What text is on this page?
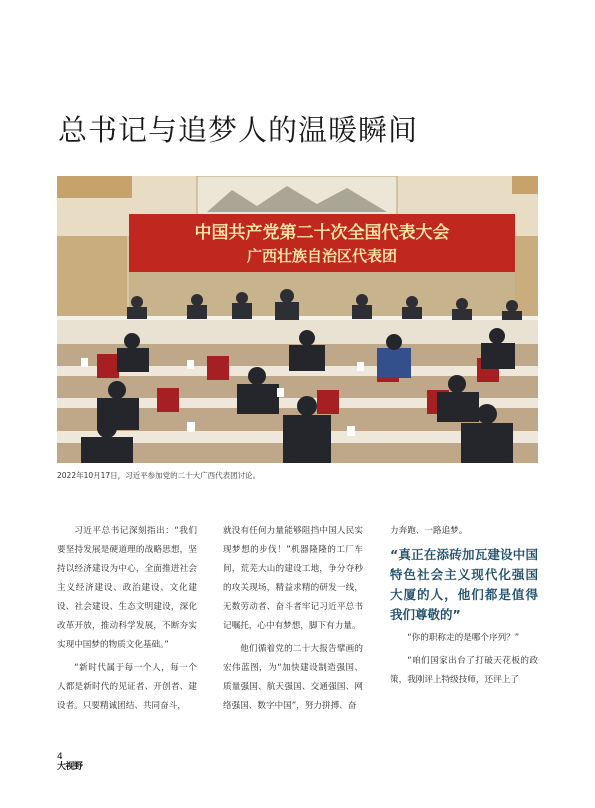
总书记与追梦人的温暖瞬间
中国共产党第二十次全国代表大会
广西壮族自治区代表团
2022年10月17日，习近平参加党的二十大广西代表团讨论。

习近平总书记深刻指出：“我们要坚持发展是硬道理的战略思想，坚持以经济建设为中心，全面推进社会主义经济建设、政治建设、文化建设、社会建设、生态文明建设，深化改革开放，推动科学发展，不断夯实实现中国梦的物质文化基础。”

“新时代属于每一个人，每一个人都是新时代的见证者、开创者、建设者。只要精诚团结、共同奋斗，

就没有任何力量能够阻挡中国人民实现梦想的步伐！”机器隆隆的工厂车间，荒芜大山的建设工地，争分夺秒的攻关现场，精益求精的研发一线，无数劳动者、奋斗者牢记习近平总书记嘱托，心中有梦想，脚下有力量。

他们循着党的二十大报告擘画的宏伟蓝图，为“加快建设制造强国、质量强国、航天强国、交通强国、网络强国、数字中国”，努力拼搏、奋

力奔跑、一路追梦。

“真正在添砖加瓦建设中国特色社会主义现代化强国大厦的人，他们都是值得我们尊敬的”

“你的职称走的是哪个序列？”

“咱们国家出台了打破天花板的政策，我刚评上特级技师，还评上了

4
大视野
